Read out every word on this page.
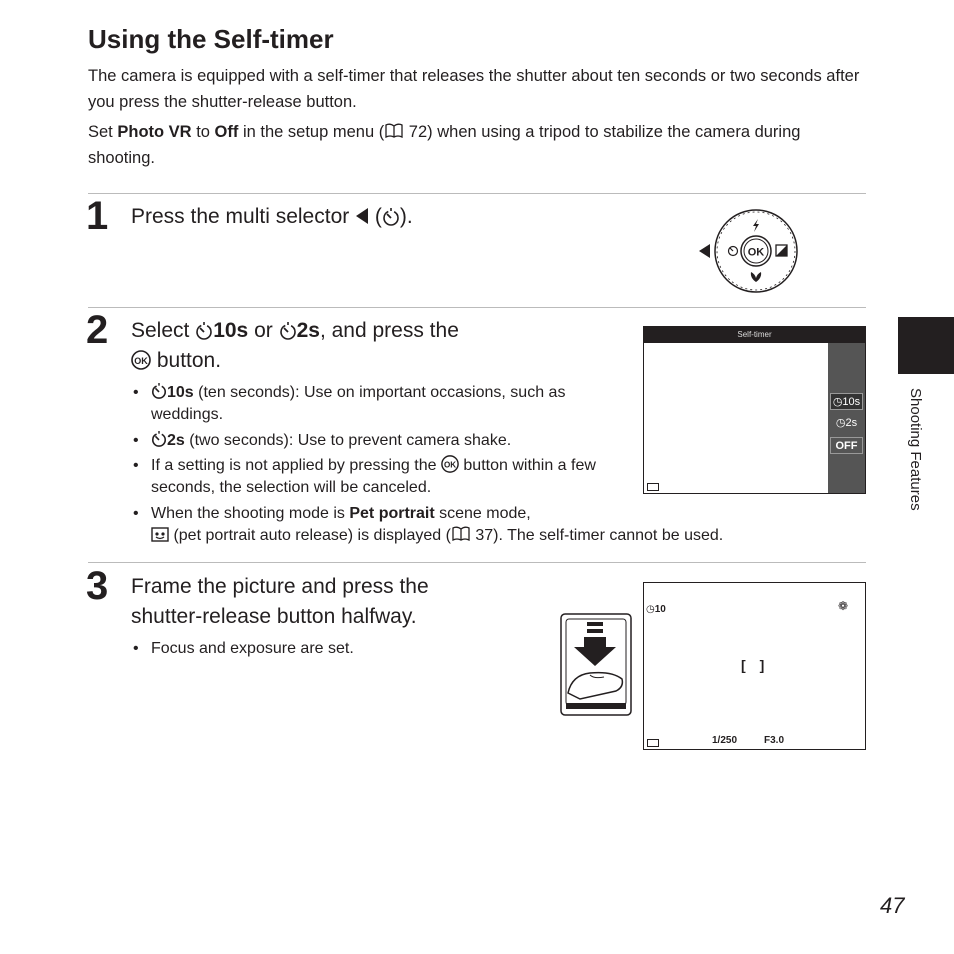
Using the Self-timer

The camera is equipped with a self-timer that releases the shutter about ten seconds or two seconds after you press the shutter-release button.

Set Photo VR to Off in the setup menu ( 72) when using a tripod to stabilize the camera during shooting.

1 Press the multi selector  ( ).

OK
2 Select 10s or 2s, and press the

OK button.

•	10s (ten seconds): Use on important occasions, such as weddings.
•	2s (two seconds): Use to prevent camera shake.
• If a setting is not applied by pressing the OK button within a few seconds, the selection will be canceled.
• When the shooting mode is Pet portrait scene mode,
(pet portrait auto release) is displayed ( 37). The self-timer cannot be used.
Self-timer
◷ 10s
◷ 2s
OFF
3 Frame the picture and press the
shutter-release button halfway.

• Focus and exposure are set.
◷10	❁
[]
1/250	F3.0
Shooting Features
47
